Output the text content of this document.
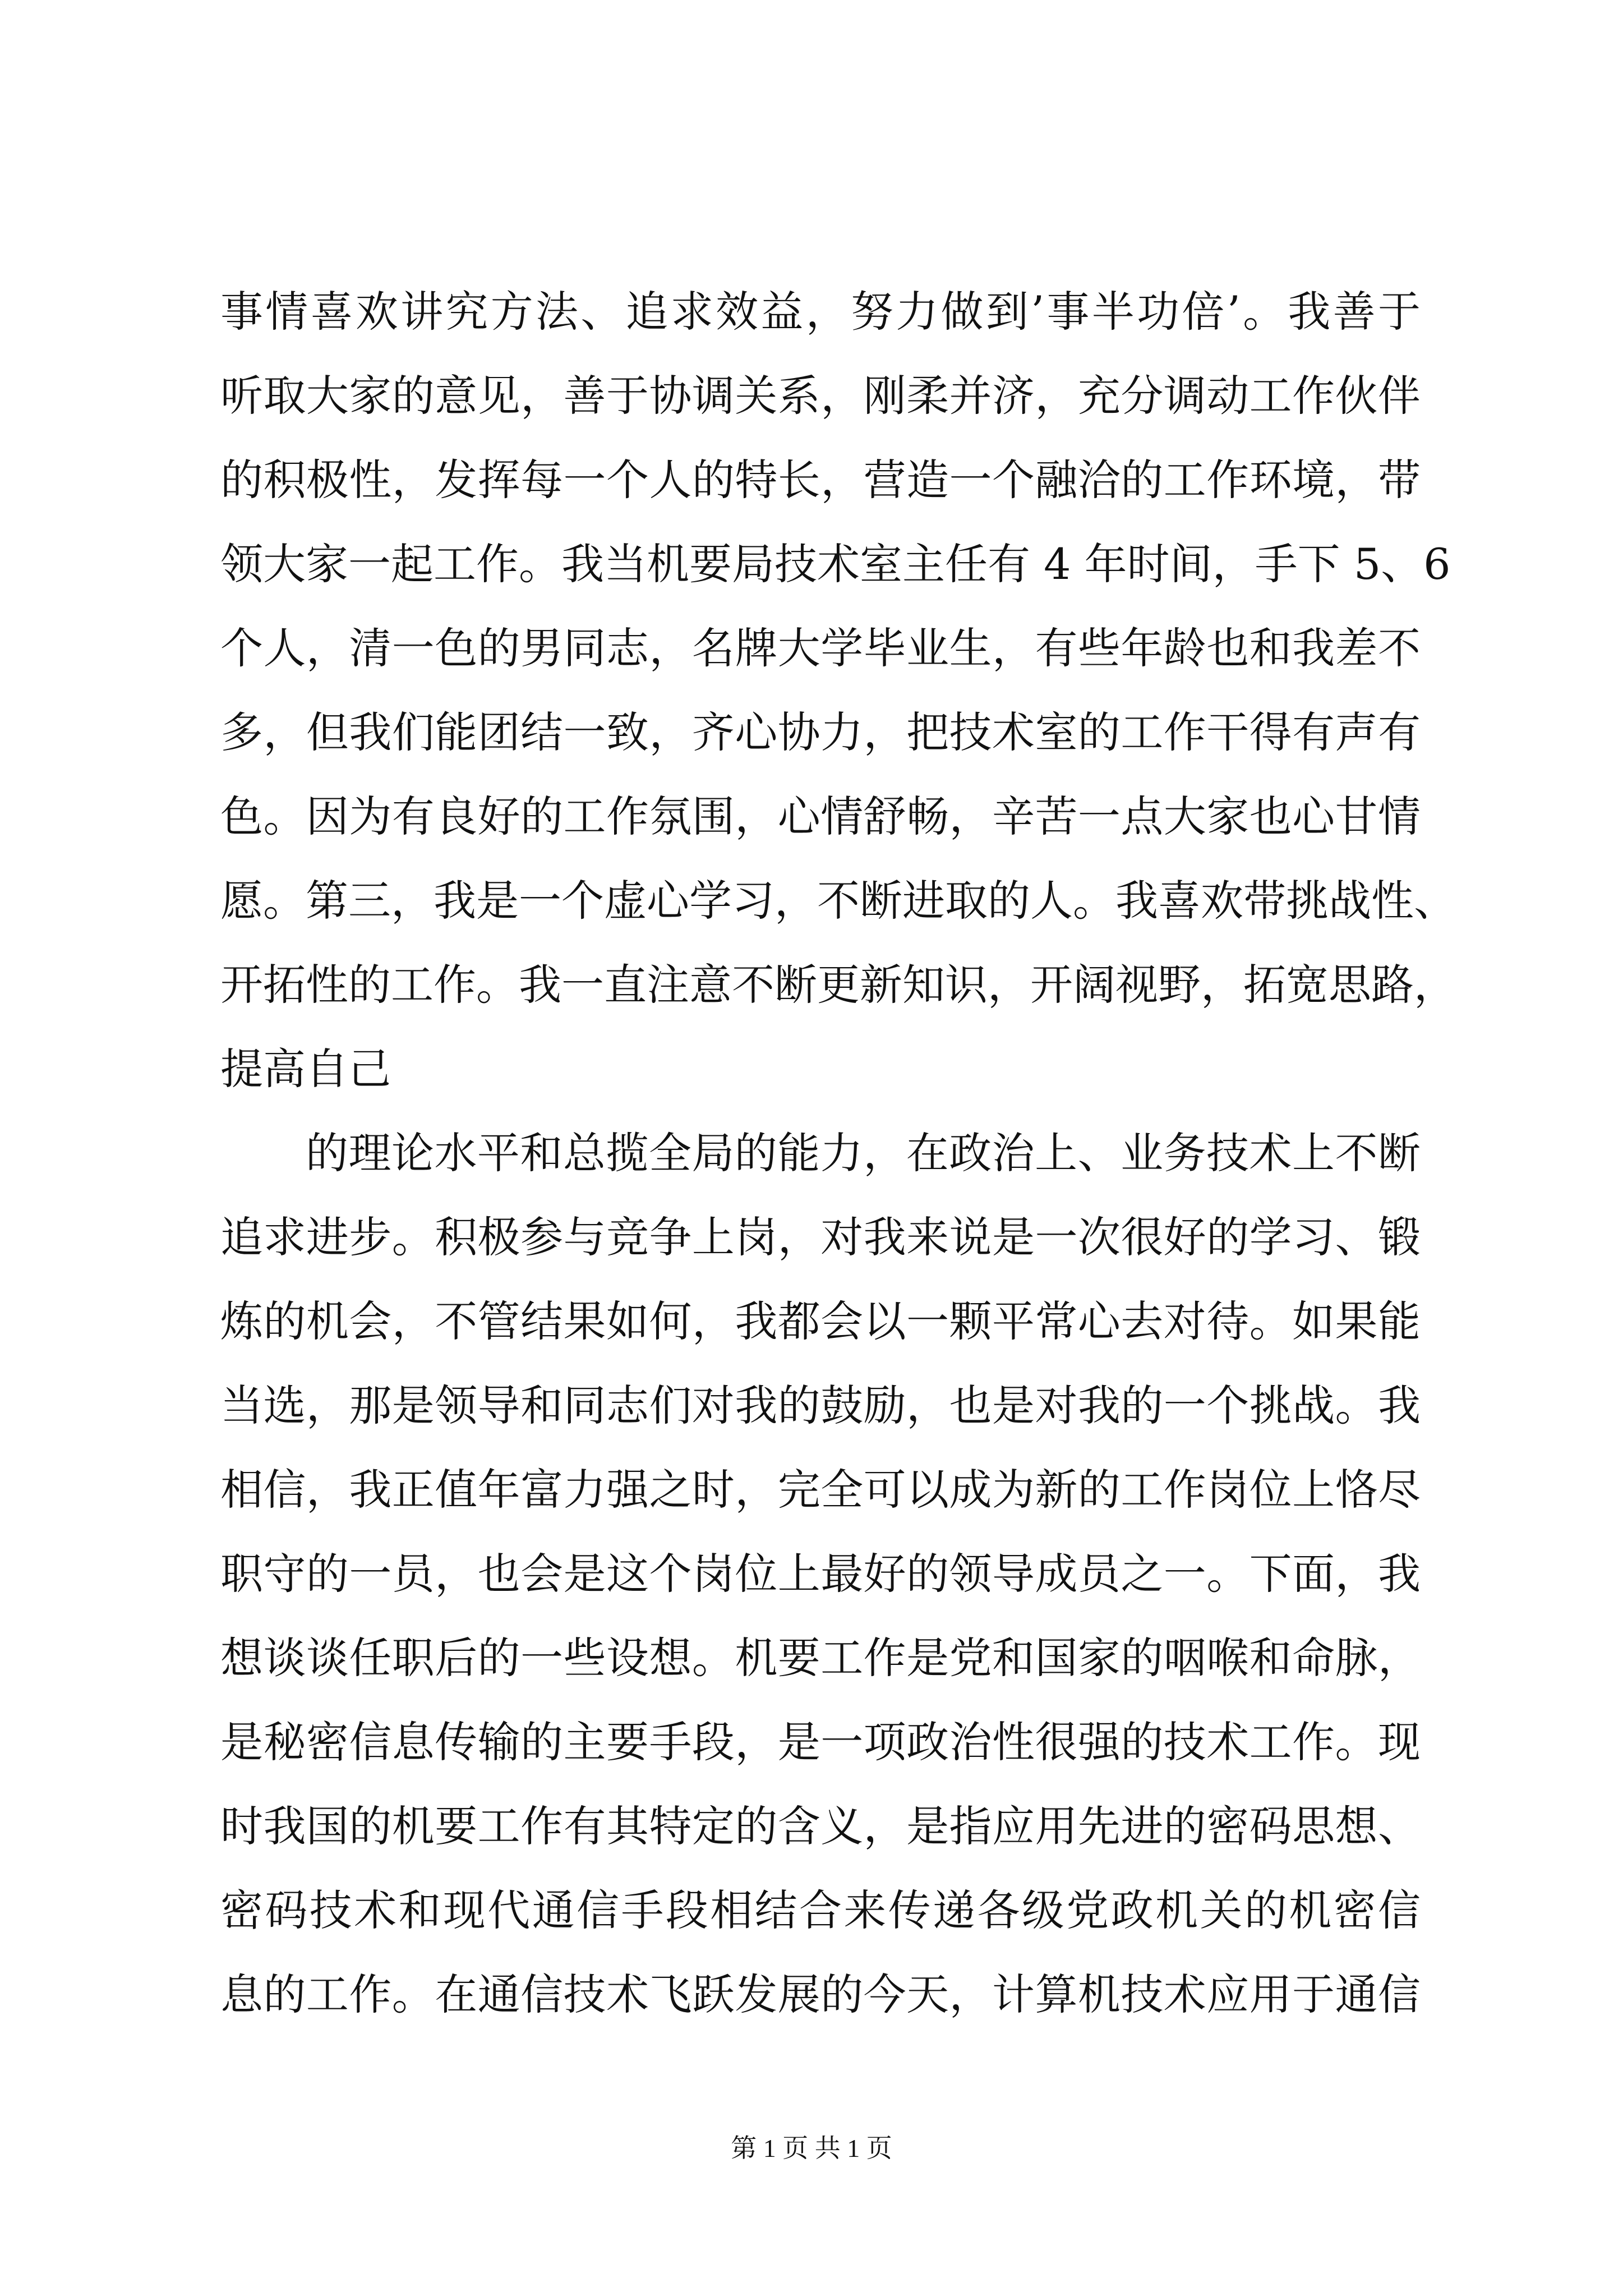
事情喜欢讲究方法、追求效益，努力做到’事半功倍’。我善于
听取大家的意见，善于协调关系，刚柔并济，充分调动工作伙伴
的积极性，发挥每一个人的特长，营造一个融洽的工作环境，带
领大家一起工作。我当机要局技术室主任有 4 年时间，手下 5、6
个人，清一色的男同志，名牌大学毕业生，有些年龄也和我差不
多，但我们能团结一致，齐心协力，把技术室的工作干得有声有
色。因为有良好的工作氛围，心情舒畅，辛苦一点大家也心甘情
愿。第三，我是一个虚心学习，不断进取的人。我喜欢带挑战性、
开拓性的工作。我一直注意不断更新知识，开阔视野，拓宽思路，
提高自己
的理论水平和总揽全局的能力，在政治上、业务技术上不断
追求进步。积极参与竞争上岗，对我来说是一次很好的学习、锻
炼的机会，不管结果如何，我都会以一颗平常心去对待。如果能
当选，那是领导和同志们对我的鼓励，也是对我的一个挑战。我
相信，我正值年富力强之时，完全可以成为新的工作岗位上恪尽
职守的一员，也会是这个岗位上最好的领导成员之一。下面，我
想谈谈任职后的一些设想。机要工作是党和国家的咽喉和命脉，
是秘密信息传输的主要手段，是一项政治性很强的技术工作。现
时我国的机要工作有其特定的含义，是指应用先进的密码思想、
密码技术和现代通信手段相结合来传递各级党政机关的机密信
息的工作。在通信技术飞跃发展的今天，计算机技术应用于通信
第 1 页 共 1 页
